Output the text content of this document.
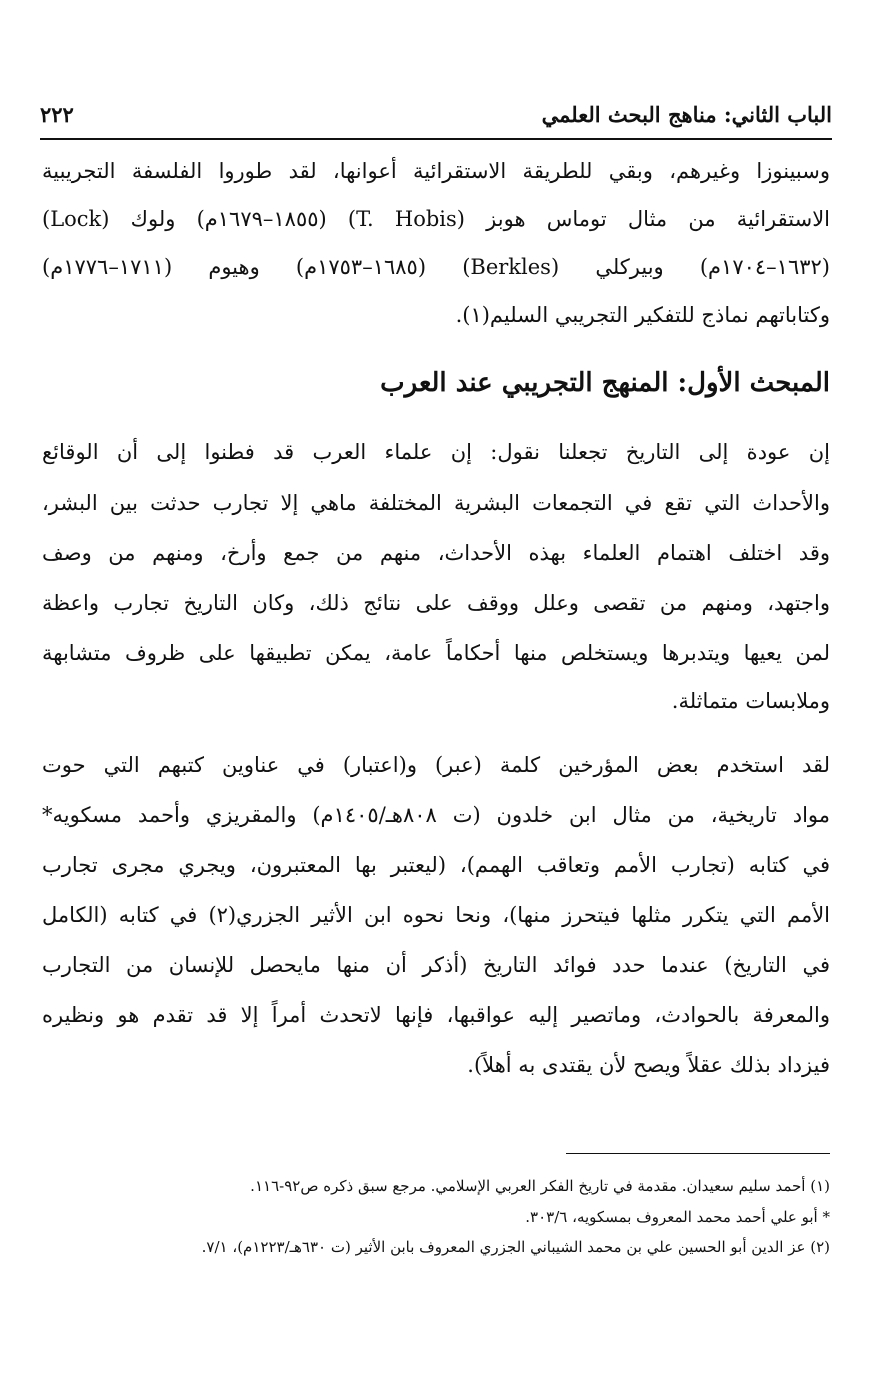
الباب الثاني: مناهج البحث العلمي
٢٢٢
وسبينوزا وغيرهم، وبقي للطريقة الاستقرائية أعوانها، لقد طوروا الفلسفة التجريبية
الاستقرائية من مثال توماس هوبز (T. Hobis) (١٨٥٥–١٦٧٩م) ولوك (Lock)
(١٦٣٢–١٧٠٤م) وبيركلي (Berkles) (١٦٨٥–١٧٥٣م) وهيوم (١٧١١–١٧٧٦م)
وكتاباتهم نماذج للتفكير التجريبي السليم(١).
المبحث الأول: المنهج التجريبي عند العرب
إن عودة إلى التاريخ تجعلنا نقول: إن علماء العرب قد فطنوا إلى أن الوقائع
والأحداث التي تقع في التجمعات البشرية المختلفة ماهي إلا تجارب حدثت بين البشر،
وقد اختلف اهتمام العلماء بهذه الأحداث، منهم من جمع وأرخ، ومنهم من وصف
واجتهد، ومنهم من تقصى وعلل ووقف على نتائج ذلك، وكان التاريخ تجارب واعظة
لمن يعيها ويتدبرها ويستخلص منها أحكاماً عامة، يمكن تطبيقها على ظروف متشابهة
وملابسات متماثلة.
لقد استخدم بعض المؤرخين كلمة (عبر) و(اعتبار) في عناوين كتبهم التي حوت
مواد تاريخية، من مثال ابن خلدون (ت ٨٠٨هـ/١٤٠٥م) والمقريزي وأحمد مسكويه*
في كتابه (تجارب الأمم وتعاقب الهمم)، (ليعتبر بها المعتبرون، ويجري مجرى تجارب
الأمم التي يتكرر مثلها فيتحرز منها)، ونحا نحوه ابن الأثير الجزري(٢) في كتابه (الكامل
في التاريخ) عندما حدد فوائد التاريخ (أذكر أن منها مايحصل للإنسان من التجارب
والمعرفة بالحوادث، وماتصير إليه عواقبها، فإنها لاتحدث أمراً إلا قد تقدم هو ونظيره
فيزداد بذلك عقلاً ويصح لأن يقتدى به أهلاً).
(١) أحمد سليم سعيدان. مقدمة في تاريخ الفكر العربي الإسلامي. مرجع سبق ذكره ص٩٢-١١٦.
* أبو علي أحمد محمد المعروف بمسكويه، ٣٠٣/٦.
(٢) عز الدين أبو الحسين علي بن محمد الشيباني الجزري المعروف بابن الأثير (ت ٦٣٠هـ/١٢٢٣م)، ٧/١.
